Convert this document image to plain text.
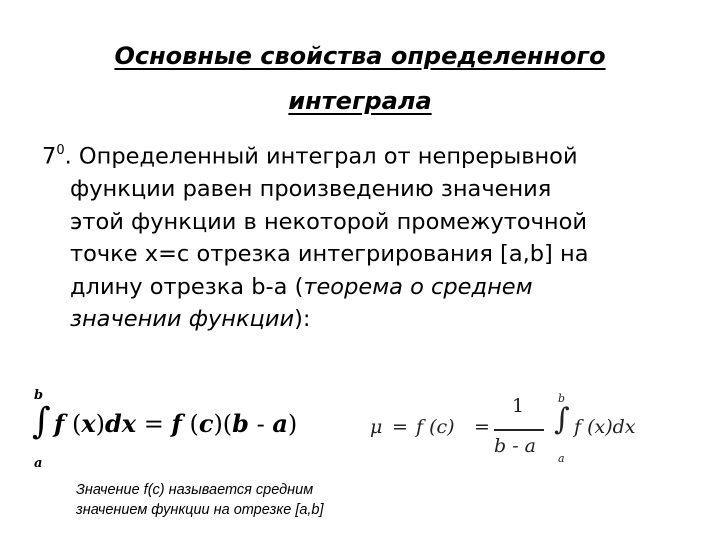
Основные свойства определенного
интеграла
$7^0$. Определенный интеграл от непрерывной
функции равен произведению значения
этой функции в некоторой промежуточной
точке x=c отрезка интегрирования [a,b] на
длину отрезка b-a (теорема о среднем
значении функции):
b
∫
a
f (x)dx = f (c)(b - a)	μ = f (c) =
1
b - a
b
∫
a
f (x)dx
Значение f(c) называется средним
значением функции на отрезке [a,b]
